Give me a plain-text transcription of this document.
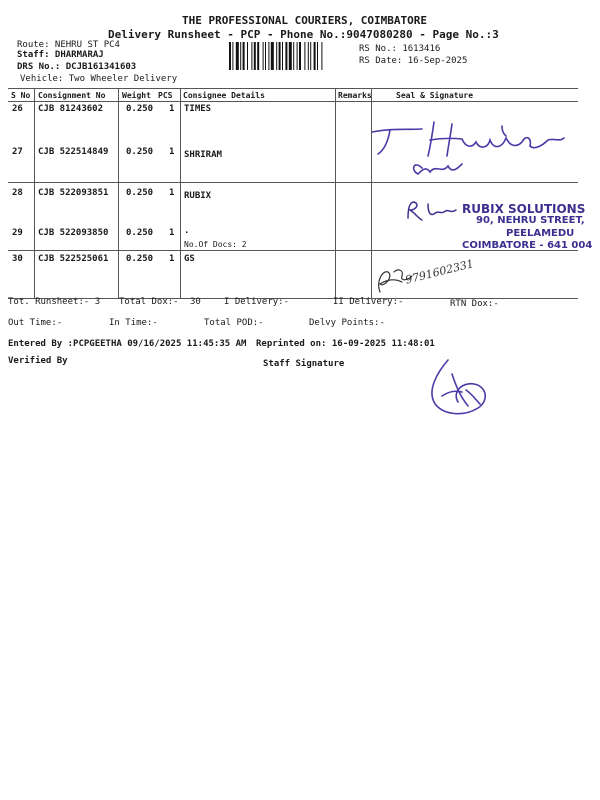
THE PROFESSIONAL COURIERS, COIMBATORE
Delivery Runsheet - PCP - Phone No.:9047080280 - Page No.:3
Route: NEHRU ST PC4
Staff: DHARMARAJ
DRS No.: DCJB161341603
Vehicle: Two Wheeler Delivery
RS No.: 1613416
RS Date: 16-Sep-2025
S No Consignment No Weight PCS Consignee Details	Remarks	Seal & Signature
26 CJB 81243602	0.250 1 TIMES
27 CJB 522514849 0.250 1 SHRIRAM
28 CJB 522093851 0.250 1 RUBIX
29 CJB 522093850 0.250 1 .
No.Of Docs: 2
30 CJB 522525061 0.250 1 GS	9791602331
RUBIX SOLUTIONS
90, NEHRU STREET,
PEELAMEDU
COIMBATORE - 641 004
Tot. Runsheet:- 3 Total Dox:- 30	I Delivery:-	II Delivery:-	RTN Dox:-
Out Time:-	In Time:-	Total POD:-	Delvy Points:-
Entered By :PCPGEETHA 09/16/2025 11:45:35 AM Reprinted on: 16-09-2025 11:48:01
Verified By	Staff Signature
